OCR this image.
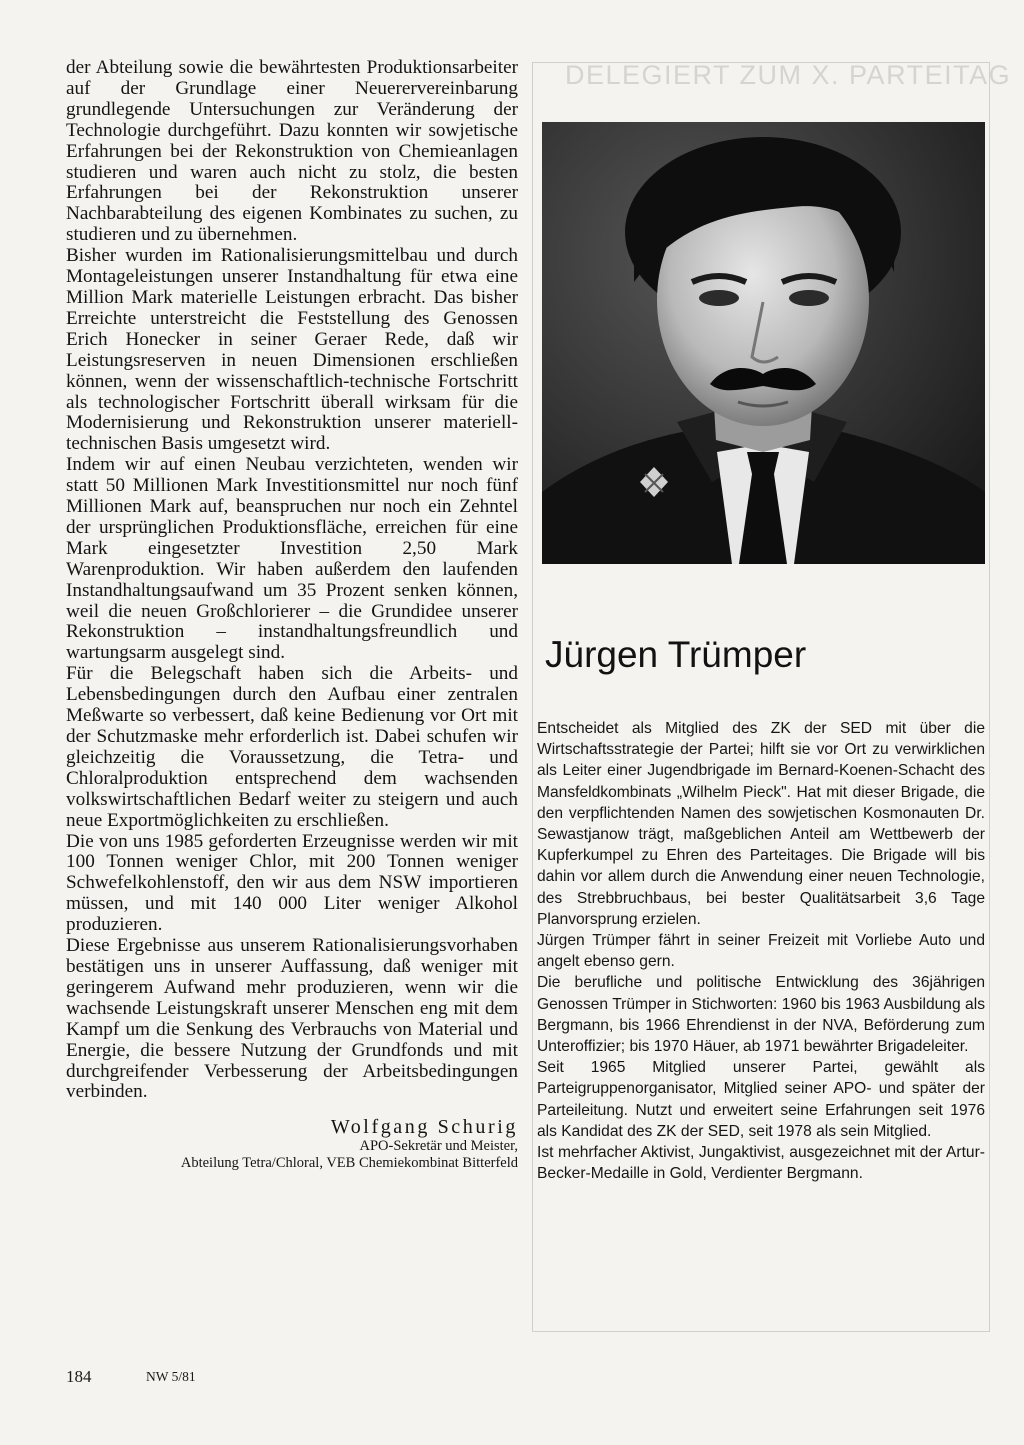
der Abteilung sowie die bewährtesten Produktionsarbeiter auf der Grundlage einer Neuerervereinbarung grundlegende Untersuchungen zur Veränderung der Technologie durchgeführt. Dazu konnten wir sowjetische Erfahrungen bei der Rekonstruktion von Chemieanlagen studieren und waren auch nicht zu stolz, die besten Erfahrungen bei der Rekonstruktion unserer Nachbarabteilung des eigenen Kombinates zu suchen, zu studieren und zu übernehmen.

Bisher wurden im Rationalisierungsmittelbau und durch Montageleistungen unserer Instandhaltung für etwa eine Million Mark materielle Leistungen erbracht. Das bisher Erreichte unterstreicht die Feststellung des Genossen Erich Honecker in seiner Geraer Rede, daß wir Leistungsreserven in neuen Dimensionen erschließen können, wenn der wissenschaftlich-technische Fortschritt als technologischer Fortschritt überall wirksam für die Modernisierung und Rekonstruktion unserer materiell-technischen Basis umgesetzt wird.

Indem wir auf einen Neubau verzichteten, wenden wir statt 50 Millionen Mark Investitionsmittel nur noch fünf Millionen Mark auf, beanspruchen nur noch ein Zehntel der ursprünglichen Produktionsfläche, erreichen für eine Mark eingesetzter Investition 2,50 Mark Warenproduktion. Wir haben außerdem den laufenden Instandhaltungsaufwand um 35 Prozent senken können, weil die neuen Großchlorierer – die Grundidee unserer Rekonstruktion – instandhaltungsfreundlich und wartungsarm ausgelegt sind.

Für die Belegschaft haben sich die Arbeits- und Lebensbedingungen durch den Aufbau einer zentralen Meßwarte so verbessert, daß keine Bedienung vor Ort mit der Schutzmaske mehr erforderlich ist. Dabei schufen wir gleichzeitig die Voraussetzung, die Tetra- und Chloralproduktion entsprechend dem wachsenden volkswirtschaftlichen Bedarf weiter zu steigern und auch neue Exportmöglichkeiten zu erschließen.

Die von uns 1985 geforderten Erzeugnisse werden wir mit 100 Tonnen weniger Chlor, mit 200 Tonnen weniger Schwefelkohlenstoff, den wir aus dem NSW importieren müssen, und mit 140 000 Liter weniger Alkohol produzieren.

Diese Ergebnisse aus unserem Rationalisierungsvorhaben bestätigen uns in unserer Auffassung, daß weniger mit geringerem Aufwand mehr produzieren, wenn wir die wachsende Leistungskraft unserer Menschen eng mit dem Kampf um die Senkung des Verbrauchs von Material und Energie, die bessere Nutzung der Grundfonds und mit durchgreifender Verbesserung der Arbeitsbedingungen verbinden.

Wolfgang Schurig
APO-Sekretär und Meister,
Abteilung Tetra/Chloral, VEB Chemiekombinat Bitterfeld
DELEGIERT ZUM X. PARTEITAG
Jürgen Trümper

Entscheidet als Mitglied des ZK der SED mit über die Wirtschaftsstrategie der Partei; hilft sie vor Ort zu verwirklichen als Leiter einer Jugendbrigade im Bernard-Koenen-Schacht des Mansfeldkombinats „Wilhelm Pieck". Hat mit dieser Brigade, die den verpflichtenden Namen des sowjetischen Kosmonauten Dr. Sewastjanow trägt, maßgeblichen Anteil am Wettbewerb der Kupferkumpel zu Ehren des Parteitages. Die Brigade will bis dahin vor allem durch die Anwendung einer neuen Technologie, des Strebbruchbaus, bei bester Qualitätsarbeit 3,6 Tage Planvorsprung erzielen.

Jürgen Trümper fährt in seiner Freizeit mit Vorliebe Auto und angelt ebenso gern.

Die berufliche und politische Entwicklung des 36jährigen Genossen Trümper in Stichworten: 1960 bis 1963 Ausbildung als Bergmann, bis 1966 Ehrendienst in der NVA, Beförderung zum Unteroffizier; bis 1970 Häuer, ab 1971 bewährter Brigadeleiter.

Seit 1965 Mitglied unserer Partei, gewählt als Parteigruppenorganisator, Mitglied seiner APO- und später der Parteileitung. Nutzt und erweitert seine Erfahrungen seit 1976 als Kandidat des ZK der SED, seit 1978 als sein Mitglied.

Ist mehrfacher Aktivist, Jungaktivist, ausgezeichnet mit der Artur-Becker-Medaille in Gold, Verdienter Bergmann.

184	NW 5/81
